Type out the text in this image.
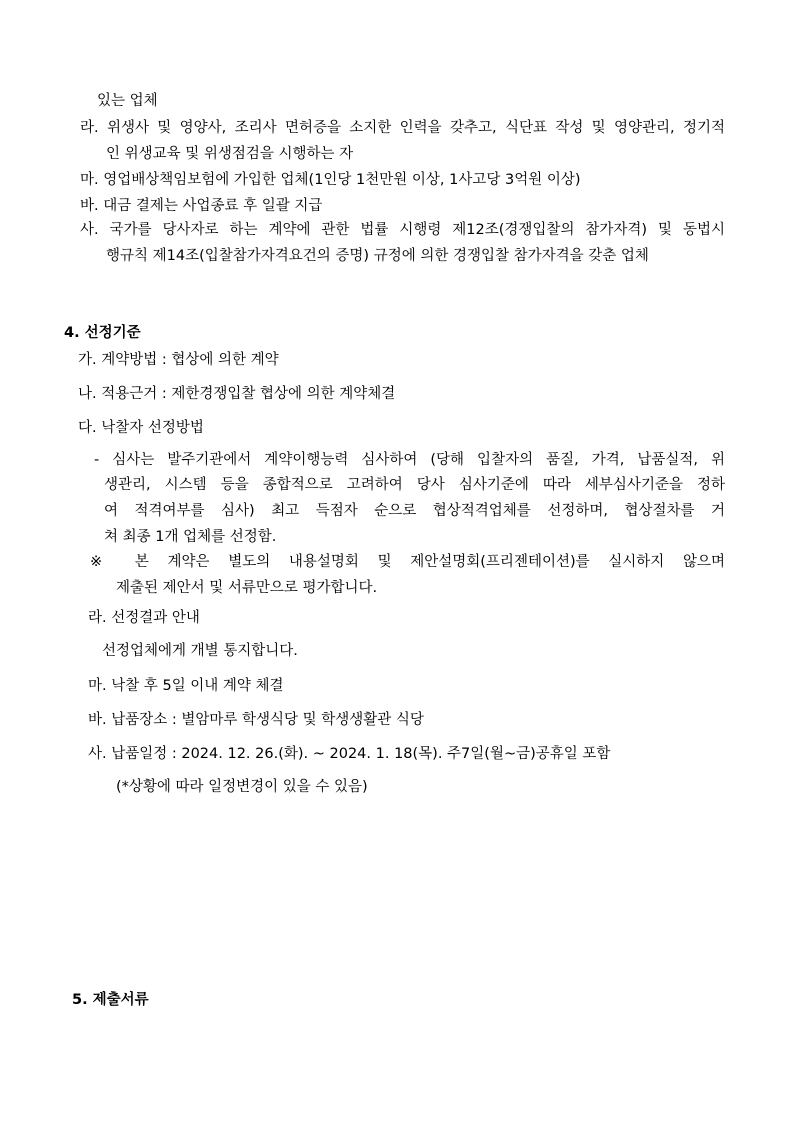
있는 업체

라. 위생사 및 영양사, 조리사 면허증을 소지한 인력을 갖추고, 식단표 작성 및 영양관리, 정기적

인 위생교육 및 위생점검을 시행하는 자

마. 영업배상책임보험에 가입한 업체(1인당 1천만원 이상, 1사고당 3억원 이상)

바. 대금 결제는 사업종료 후 일괄 지급

사. 국가를 당사자로 하는 계약에 관한 법률 시행령 제12조(경쟁입찰의 참가자격) 및 동법시

행규칙 제14조(입찰참가자격요건의 증명) 규정에 의한 경쟁입찰 참가자격을 갖춘 업체

4. 선정기준

가. 계약방법 : 협상에 의한 계약

나. 적용근거 : 제한경쟁입찰 협상에 의한 계약체결

다. 낙찰자 선정방법

- 심사는 발주기관에서 계약이행능력 심사하여 (당해 입찰자의 품질, 가격, 납품실적, 위

생관리, 시스템 등을 종합적으로 고려하여 당사 심사기준에 따라 세부심사기준을 정하

여 적격여부를 심사) 최고 득점자 순으로 협상적격업체를 선정하며, 협상절차를 거

쳐 최종 1개 업체를 선정함.

※ 본 계약은 별도의 내용설명회 및 제안설명회(프리젠테이션)를 실시하지 않으며

제출된 제안서 및 서류만으로 평가합니다.

라. 선정결과 안내

선정업체에게 개별 통지합니다.

마. 낙찰 후 5일 이내 계약 체결

바. 납품장소 : 별암마루 학생식당 및 학생생활관 식당

사. 납품일정 : 2024. 12. 26.(화). ~ 2024. 1. 18(목). 주7일(월~금)공휴일 포함

(*상황에 따라 일정변경이 있을 수 있음)

5. 제출서류
